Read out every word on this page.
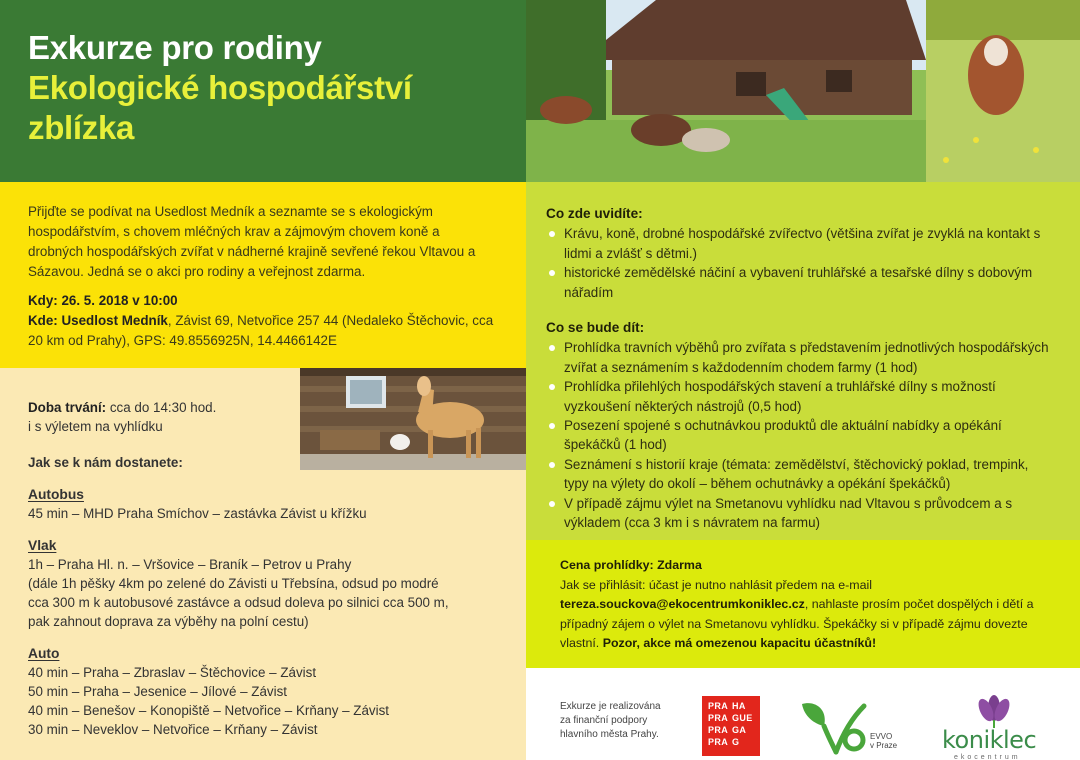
Exkurze pro rodiny
Ekologické hospodářství
zblízka

Přijďte se podívat na Usedlost Medník a seznamte se s ekologickým hospodářstvím, s chovem mléčných krav a zájmovým chovem koně a drobných hospodářských zvířat v nádherné krajině sevřené řekou Vltavou a Sázavou. Jedná se o akci pro rodiny a veřejnost zdarma.

Kdy: 26. 5. 2018 v 10:00

Kde: Usedlost Medník, Závist 69, Netvořice 257 44 (Nedaleko Štěchovic, cca 20 km od Prahy), GPS: 49.8556925N, 14.4466142E

Co zde uvidíte:
Krávu, koně, drobné hospodářské zvířectvo (většina zvířat je zvyklá na kontakt s lidmi a zvlášť s dětmi.)
historické zemědělské náčiní a vybavení truhlářské a tesařské dílny s dobovým nářadím
Co se bude dít:
Prohlídka travních výběhů pro zvířata s představením jednotlivých hospodářských zvířat a seznámením s každodenním chodem farmy (1 hod)
Prohlídka přilehlých hospodářských stavení a truhlářské dílny s možností vyzkoušení některých nástrojů (0,5 hod)
Posezení spojené s ochutnávkou produktů dle aktuální nabídky a opékání špekáčků (1 hod)
Seznámení s historií kraje (témata: zemědělství, štěchovický poklad, trempink, typy na výlety do okolí – během ochutnávky a opékání špekáčků)
V případě zájmu výlet na Smetanovu vyhlídku nad Vltavou s průvodcem a s výkladem (cca 3 km i s návratem na farmu)
Doba trvání: cca do 14:30 hod.
i s výletem na vyhlídku
Jak se k nám dostanete:
Autobus
45 min – MHD Praha Smíchov – zastávka Závist u křížku
Vlak
1h – Praha Hl. n. – Vršovice – Braník – Petrov u Prahy
(dále 1h pěšky 4km po zelené do Závisti u Třebsína, odsud po modré
cca 300 m k autobusové zastávce a odsud doleva po silnici cca 500 m,
pak zahnout doprava za výběhy na polní cestu)
Auto
40 min – Praha – Zbraslav – Štěchovice – Závist
50 min – Praha – Jesenice – Jílové – Závist
40 min – Benešov – Konopiště – Netvořice – Krňany – Závist
30 min – Neveklov – Netvořice – Krňany – Závist
Cena prohlídky: Zdarma
Jak se přihlásit: účast je nutno nahlásit předem na e-mail
tereza.souckova@ekocentrumkoniklec.cz, nahlaste prosím počet dospělých i dětí a případný zájem o výlet na Smetanovu vyhlídku. Špekáčky si v případě zájmu dovezte vlastní. Pozor, akce má omezenou kapacitu účastníků!
Exkurze je realizována za finanční podpory hlavního města Prahy.
PRA HA
PRA GUE
PRA GA
PRA G
EVVO
v Praze koniklec
ekocentrum
